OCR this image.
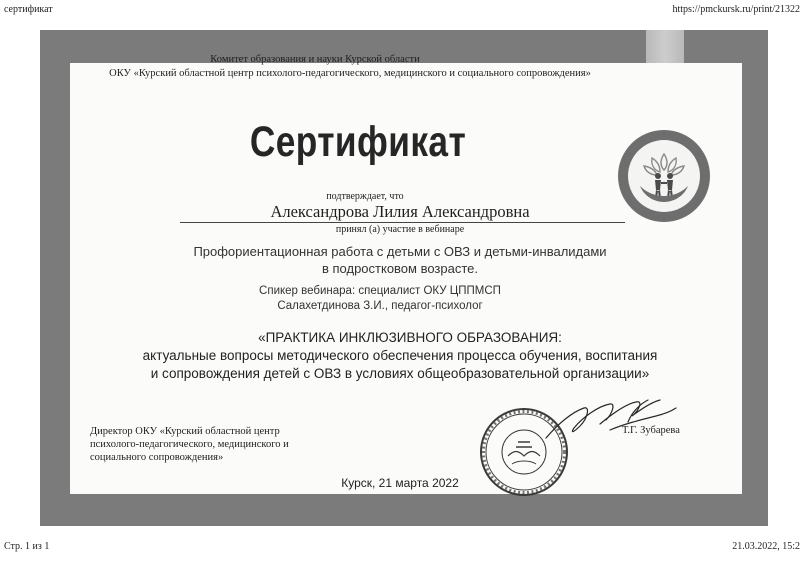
сертификат	https://pmckursk.ru/print/21322
Комитет образования и науки Курской области
ОКУ «Курский областной центр психолого-педагогического, медицинского и социального сопровождения»
Сертификат
подтверждает, что
Александрова Лилия Александровна
принял (а) участие в вебинаре
Профориентационная работа с детьми с ОВЗ и детьми-инвалидами
в подростковом возрасте.
Спикер вебинара: специалист ОКУ ЦППМСП
Салахетдинова З.И., педагог-психолог
«ПРАКТИКА ИНКЛЮЗИВНОГО ОБРАЗОВАНИЯ:
актуальные вопросы методического обеспечения процесса обучения, воспитания
и сопровождения детей с ОВЗ в условиях общеобразовательной организации»
Директор ОКУ «Курский областной центр
психолого-педагогического, медицинского и
социального сопровождения»
Т.Г. Зубарева
Курск, 21 марта 2022
Стр. 1 из 1	21.03.2022, 15:2
